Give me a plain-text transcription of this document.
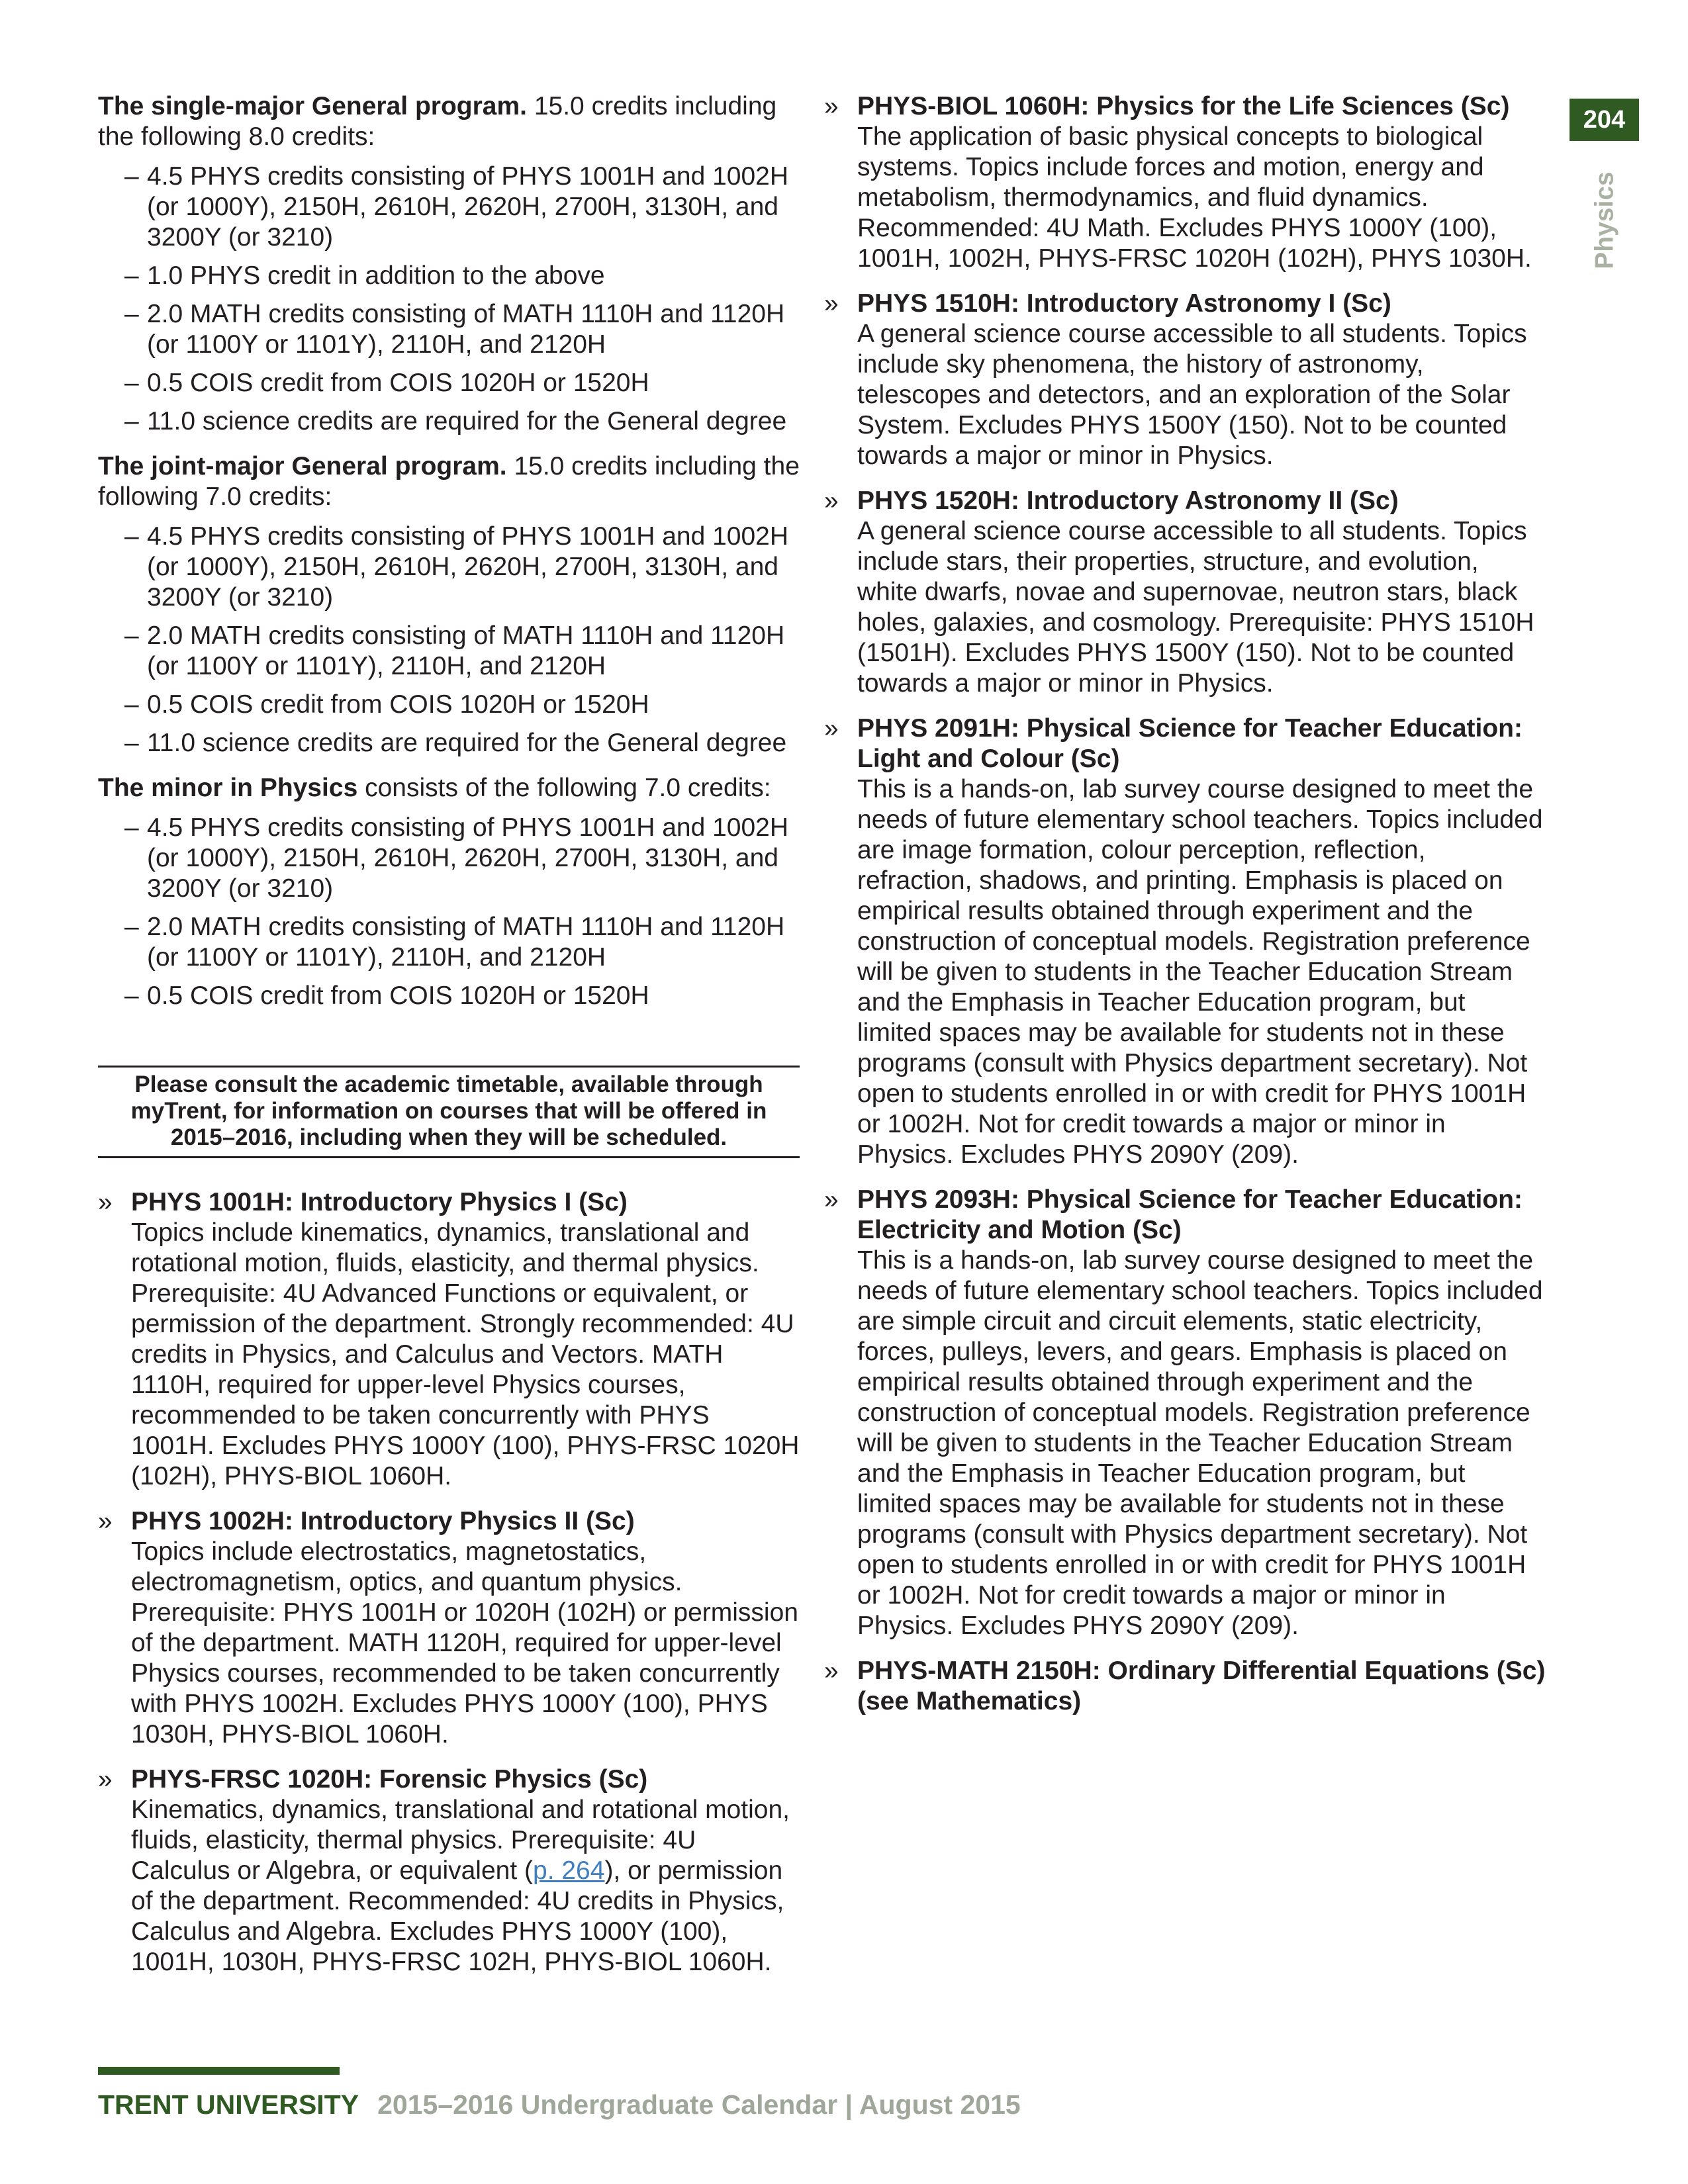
204
Physics

The single-major General program. 15.0 credits including the following 8.0 credits:

– 4.5 PHYS credits consisting of PHYS 1001H and 1002H (or 1000Y), 2150H, 2610H, 2620H, 2700H, 3130H, and 3200Y (or 3210)
– 1.0 PHYS credit in addition to the above
– 2.0 MATH credits consisting of MATH 1110H and 1120H (or 1100Y or 1101Y), 2110H, and 2120H
– 0.5 COIS credit from COIS 1020H or 1520H
– 11.0 science credits are required for the General degree

The joint-major General program. 15.0 credits including the following 7.0 credits:

– 4.5 PHYS credits consisting of PHYS 1001H and 1002H (or 1000Y), 2150H, 2610H, 2620H, 2700H, 3130H, and 3200Y (or 3210)
– 2.0 MATH credits consisting of MATH 1110H and 1120H (or 1100Y or 1101Y), 2110H, and 2120H
– 0.5 COIS credit from COIS 1020H or 1520H
– 11.0 science credits are required for the General degree

The minor in Physics consists of the following 7.0 credits:

– 4.5 PHYS credits consisting of PHYS 1001H and 1002H (or 1000Y), 2150H, 2610H, 2620H, 2700H, 3130H, and 3200Y (or 3210)
– 2.0 MATH credits consisting of MATH 1110H and 1120H (or 1100Y or 1101Y), 2110H, and 2120H
– 0.5 COIS credit from COIS 1020H or 1520H
Please consult the academic timetable, available through myTrent, for information on courses that will be offered in 2015–2016, including when they will be scheduled.
» PHYS 1001H: Introductory Physics I (Sc)
Topics include kinematics, dynamics, translational and rotational motion, fluids, elasticity, and thermal physics. Prerequisite: 4U Advanced Functions or equivalent, or permission of the department. Strongly recommended: 4U credits in Physics, and Calculus and Vectors. MATH 1110H, required for upper-level Physics courses, recommended to be taken concurrently with PHYS 1001H. Excludes PHYS 1000Y (100), PHYS-FRSC 1020H (102H), PHYS-BIOL 1060H.
» PHYS 1002H: Introductory Physics II (Sc)
Topics include electrostatics, magnetostatics, electromagnetism, optics, and quantum physics. Prerequisite: PHYS 1001H or 1020H (102H) or permission of the department. MATH 1120H, required for upper-level Physics courses, recommended to be taken concurrently with PHYS 1002H. Excludes PHYS 1000Y (100), PHYS 1030H, PHYS-BIOL 1060H.
» PHYS-FRSC 1020H: Forensic Physics (Sc)
Kinematics, dynamics, translational and rotational motion, fluids, elasticity, thermal physics. Prerequisite: 4U Calculus or Algebra, or equivalent (p. 264), or permission of the department. Recommended: 4U credits in Physics, Calculus and Algebra. Excludes PHYS 1000Y (100), 1001H, 1030H, PHYS-FRSC 102H, PHYS-BIOL 1060H.
» PHYS-BIOL 1060H: Physics for the Life Sciences (Sc)
The application of basic physical concepts to biological systems. Topics include forces and motion, energy and metabolism, thermodynamics, and fluid dynamics. Recommended: 4U Math. Excludes PHYS 1000Y (100), 1001H, 1002H, PHYS-FRSC 1020H (102H), PHYS 1030H.
» PHYS 1510H: Introductory Astronomy I (Sc)
A general science course accessible to all students. Topics include sky phenomena, the history of astronomy, telescopes and detectors, and an exploration of the Solar System. Excludes PHYS 1500Y (150). Not to be counted towards a major or minor in Physics.
» PHYS 1520H: Introductory Astronomy II (Sc)
A general science course accessible to all students. Topics include stars, their properties, structure, and evolution, white dwarfs, novae and supernovae, neutron stars, black holes, galaxies, and cosmology. Prerequisite: PHYS 1510H (1501H). Excludes PHYS 1500Y (150). Not to be counted towards a major or minor in Physics.
» PHYS 2091H: Physical Science for Teacher Education: Light and Colour (Sc)
This is a hands-on, lab survey course designed to meet the needs of future elementary school teachers. Topics included are image formation, colour perception, reflection, refraction, shadows, and printing. Emphasis is placed on empirical results obtained through experiment and the construction of conceptual models. Registration preference will be given to students in the Teacher Education Stream and the Emphasis in Teacher Education program, but limited spaces may be available for students not in these programs (consult with Physics department secretary). Not open to students enrolled in or with credit for PHYS 1001H or 1002H. Not for credit towards a major or minor in Physics. Excludes PHYS 2090Y (209).
» PHYS 2093H: Physical Science for Teacher Education: Electricity and Motion (Sc)
This is a hands-on, lab survey course designed to meet the needs of future elementary school teachers. Topics included are simple circuit and circuit elements, static electricity, forces, pulleys, levers, and gears. Emphasis is placed on empirical results obtained through experiment and the construction of conceptual models. Registration preference will be given to students in the Teacher Education Stream and the Emphasis in Teacher Education program, but limited spaces may be available for students not in these programs (consult with Physics department secretary). Not open to students enrolled in or with credit for PHYS 1001H or 1002H. Not for credit towards a major or minor in Physics. Excludes PHYS 2090Y (209).
» PHYS-MATH 2150H: Ordinary Differential Equations (Sc) (see Mathematics)
TRENT UNIVERSITY 2015–2016 Undergraduate Calendar | August 2015
